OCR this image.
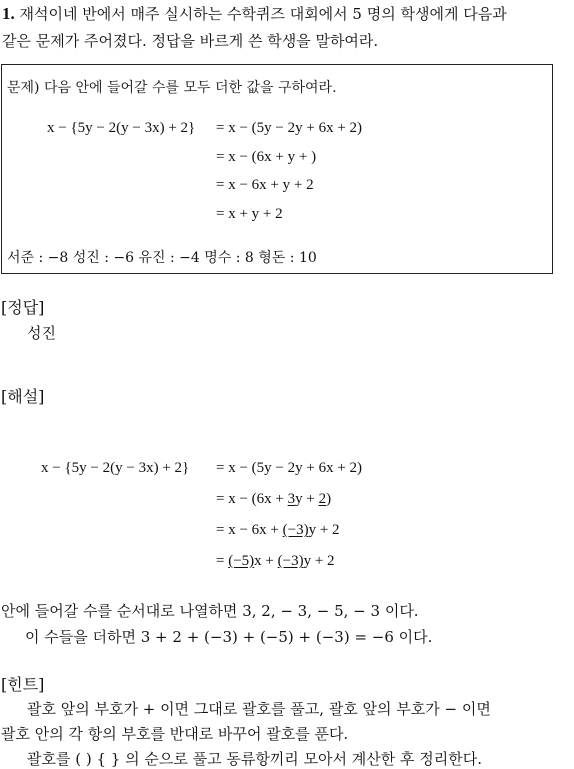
1. 재석이네 반에서 매주 실시하는 수학퀴즈 대회에서 5 명의 학생에게 다음과
같은 문제가 주어졌다. 정답을 바르게 쓴 학생을 말하여라.
문제) 다음 안에 들어갈 수를 모두 더한 값을 구하여라.
x − {5y − 2(y − 3x) + 2} = x − (5y − 2y + 6x + 2)
= x − (6x + y + )
= x − 6x + y + 2
= x + y + 2
서준 : −8 성진 : −6 유진 : −4 명수 : 8 형돈 : 10
[정답]
성진
[해설]
x − {5y − 2(y − 3x) + 2} = x − (5y − 2y + 6x + 2)
= x − (6x + 3y + 2)
= x − 6x + (−3)y + 2
= (−5)x + (−3)y + 2
안에 들어갈 수를 순서대로 나열하면 3, 2, − 3, − 5, − 3 이다.
이 수들을 더하면 3 + 2 + (−3) + (−5) + (−3) = −6 이다.
[힌트]
괄호 앞의 부호가 + 이면 그대로 괄호를 풀고, 괄호 앞의 부호가 − 이면
괄호 안의 각 항의 부호를 반대로 바꾸어 괄호를 푼다.
괄호를 ( ) { } 의 순으로 풀고 동류항끼리 모아서 계산한 후 정리한다.
